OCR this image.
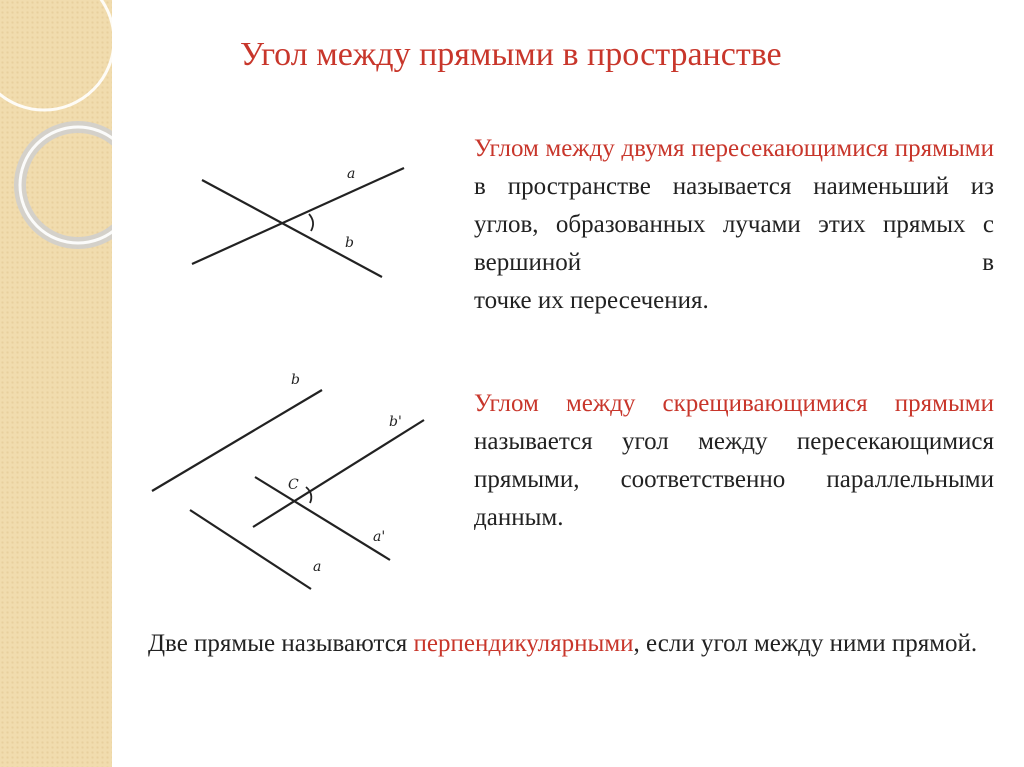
Угол между прямыми в пространстве
a
b
b
b'
C
a'
a
Углом между двумя пересекающимися прямыми в пространстве называется наименьший из углов, образованных лучами этих прямых с вершиной в
точке их пересечения.
Углом между скрещивающимися прямыми называется угол между пересекающимися прямыми, соответственно параллельными
данным.
Две прямые называются перпендикулярными, если угол между ними прямой.
